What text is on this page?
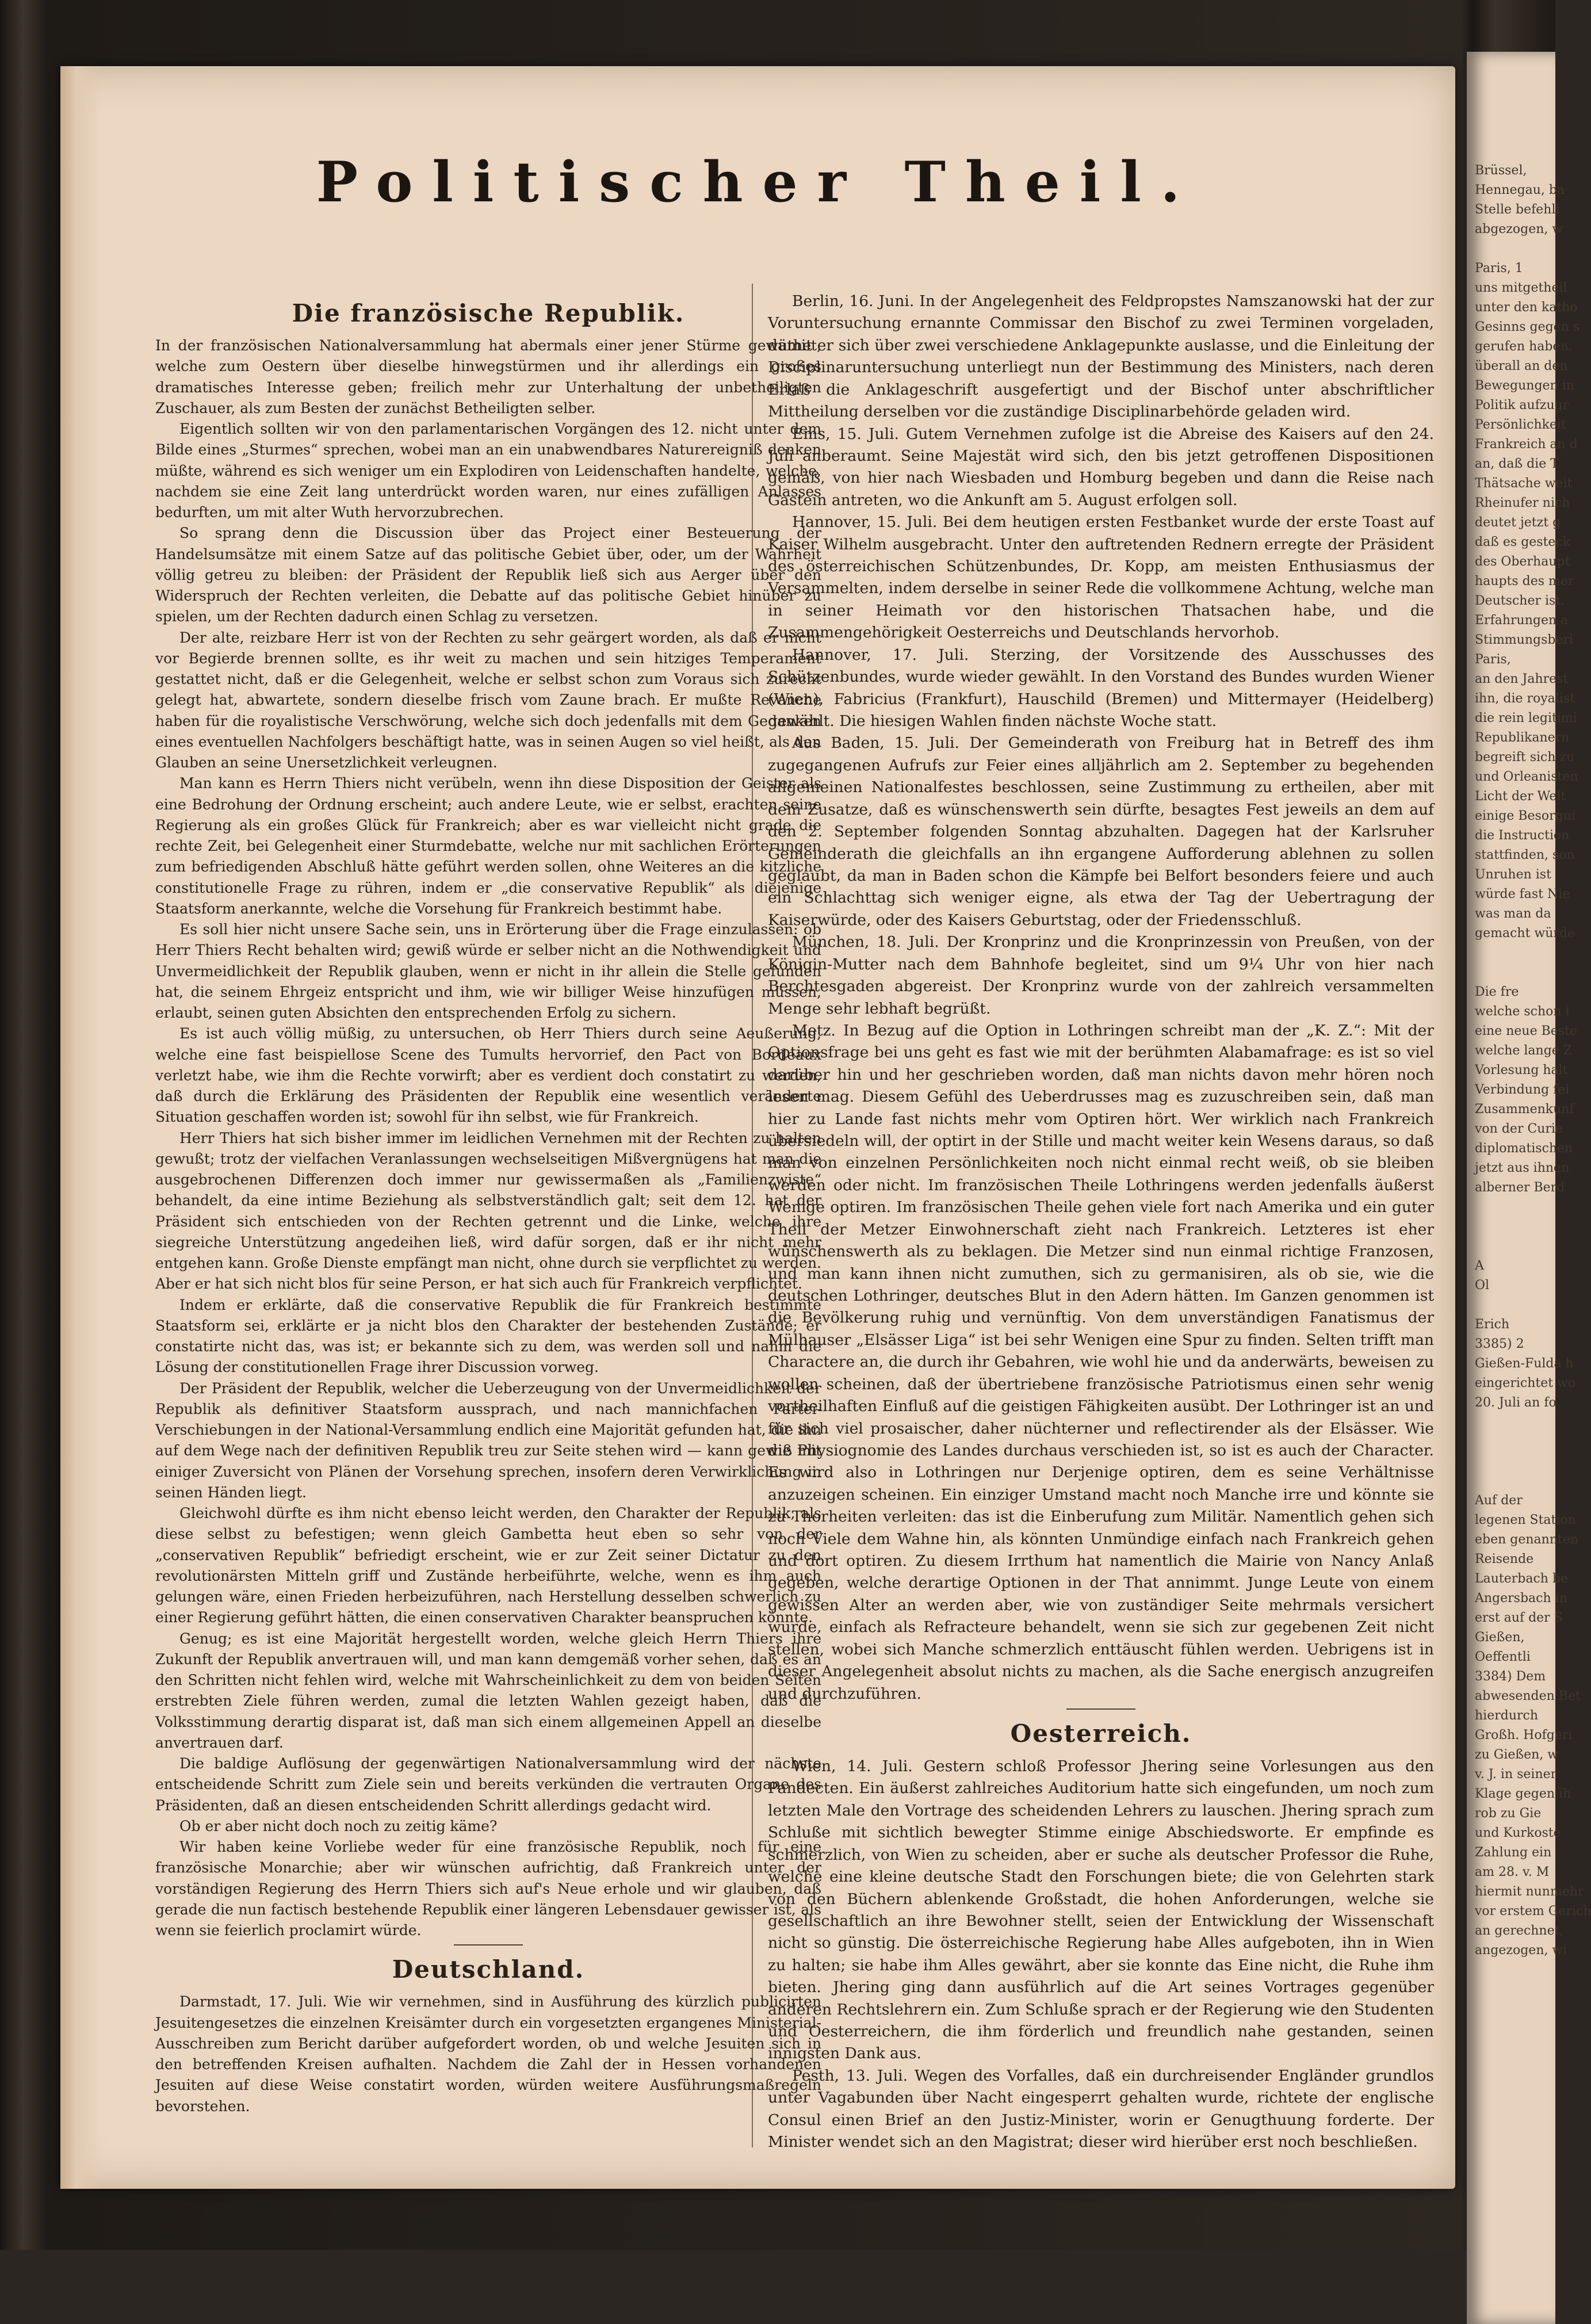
Brüssel,
Hennegau, ba
Stelle befehli
abgezogen, w

Paris, 1
uns mitgetheil
unter den katho
Gesinns gegen s
gerufen haben.
überall an den
Bewegungen in
Politik aufzugr
Persönlichkeit
Frankreich an d
an, daß die T
Thätsache weit
Rheinufer nich
deutet jetzt g
daß es gesteck
des Oberhaupt
haupts des mer
Deutscher ist.
Erfahrungen a
Stimmungsberi
Paris,
an den Jahrest
ihn, die royalist
die rein legitimi
Republikanern
begreift sich zu
und Orleanisten
Licht der Welt
einige Besorgni
die Instruction
stattfinden, son
Unruhen ist
würde fast Nie
was man da
gemacht würde

Die fre
welche schon i
eine neue Beste
welche lange Z
Vorlesung halt
Verbindung fei
Zusammenkunf
von der Curie
diplomatischen
jetzt aus ihnen
alberner Berd

A
Ol

Erich
3385) 2
Gießen-Fulda h
eingerichtet wo
20. Juli an fo

Auf der
legenen Station
eben genannten
Reisende
Lauterbach be
Angersbach in
erst auf der S
Gießen,
Oeffentli
3384) Dem
abwesenden Bet
hierdurch
Großh. Hofgeri
zu Gießen, w
v. J. in seiner
Klage gegen ih
rob zu Gie
und Kurkoste
Zahlung ein
am 28. v. M
hiermit nunmehr
vor erstem Gerich
an gerechnet,
angezogen, wi
Politischer Theil.
Die französische Republik.

In der französischen Nationalversammlung hat abermals einer jener Stürme gewüthet, welche zum Oestern über dieselbe hinwegstürmen und ihr allerdings ein großes dramatisches Interesse geben; freilich mehr zur Unterhaltung der unbetheiligten Zuschauer, als zum Besten der zunächst Betheiligten selber.

Eigentlich sollten wir von den parlamentarischen Vorgängen des 12. nicht unter dem Bilde eines „Sturmes“ sprechen, wobei man an ein unabwendbares Naturereigniß denken müßte, während es sich weniger um ein Explodiren von Leidenschaften handelte, welche, nachdem sie eine Zeit lang unterdrückt worden waren, nur eines zufälligen Anlasses bedurften, um mit alter Wuth hervorzubrechen.

So sprang denn die Discussion über das Project einer Besteuerung der Handelsumsätze mit einem Satze auf das politische Gebiet über, oder, um der Wahrheit völlig getreu zu bleiben: der Präsident der Republik ließ sich aus Aerger über den Widerspruch der Rechten verleiten, die Debatte auf das politische Gebiet hinüber zu spielen, um der Rechten dadurch einen Schlag zu versetzen.

Der alte, reizbare Herr ist von der Rechten zu sehr geärgert worden, als daß er nicht vor Begierde brennen sollte, es ihr weit zu machen und sein hitziges Temperament gestattet nicht, daß er die Gelegenheit, welche er selbst schon zum Voraus sich zurecht gelegt hat, abwartete, sondern dieselbe frisch vom Zaune brach. Er mußte Revanche haben für die royalistische Verschwörung, welche sich doch jedenfalls mit dem Gedanken eines eventuellen Nachfolgers beschäftigt hatte, was in seinen Augen so viel heißt, als den Glauben an seine Unersetzlichkeit verleugnen.

Man kann es Herrn Thiers nicht verübeln, wenn ihn diese Disposition der Geister als eine Bedrohung der Ordnung erscheint; auch andere Leute, wie er selbst, erachten seine Regierung als ein großes Glück für Frankreich; aber es war vielleicht nicht grade die rechte Zeit, bei Gelegenheit einer Sturmdebatte, welche nur mit sachlichen Erörterungen zum befriedigenden Abschluß hätte geführt werden sollen, ohne Weiteres an die kitzliche constitutionelle Frage zu rühren, indem er „die conservative Republik“ als diejenige Staatsform anerkannte, welche die Vorsehung für Frankreich bestimmt habe.

Es soll hier nicht unsere Sache sein, uns in Erörterung über die Frage einzulassen: ob Herr Thiers Recht behalten wird; gewiß würde er selber nicht an die Nothwendigkeit und Unvermeidlichkeit der Republik glauben, wenn er nicht in ihr allein die Stelle gefunden hat, die seinem Ehrgeiz entspricht und ihm, wie wir billiger Weise hinzufügen müssen, erlaubt, seinen guten Absichten den entsprechenden Erfolg zu sichern.

Es ist auch völlig müßig, zu untersuchen, ob Herr Thiers durch seine Aeußerung, welche eine fast beispiellose Scene des Tumults hervorrief, den Pact von Bordeaux verletzt habe, wie ihm die Rechte vorwirft; aber es verdient doch constatirt zu werden, daß durch die Erklärung des Präsidenten der Republik eine wesentlich veränderte Situation geschaffen worden ist; sowohl für ihn selbst, wie für Frankreich.

Herr Thiers hat sich bisher immer im leidlichen Vernehmen mit der Rechten zu halten gewußt; trotz der vielfachen Veranlassungen wechselseitigen Mißvergnügens hat man die ausgebrochenen Differenzen doch immer nur gewissermaßen als „Familienzwiste“ behandelt, da eine intime Beziehung als selbstverständlich galt; seit dem 12. hat der Präsident sich entschieden von der Rechten getrennt und die Linke, welche ihre siegreiche Unterstützung angedeihen ließ, wird dafür sorgen, daß er ihr nicht mehr entgehen kann. Große Dienste empfängt man nicht, ohne durch sie verpflichtet zu werden. Aber er hat sich nicht blos für seine Person, er hat sich auch für Frankreich verpflichtet.

Indem er erklärte, daß die conservative Republik die für Frankreich bestimmte Staatsform sei, erklärte er ja nicht blos den Charakter der bestehenden Zustände; er constatirte nicht das, was ist; er bekannte sich zu dem, was werden soll und nahm die Lösung der constitutionellen Frage ihrer Discussion vorweg.

Der Präsident der Republik, welcher die Ueberzeugung von der Unvermeidlichkeit der Republik als definitiver Staatsform aussprach, und nach mannichfachen Partei-Verschiebungen in der National-Versammlung endlich eine Majorität gefunden hat, die ihn auf dem Wege nach der definitiven Republik treu zur Seite stehen wird — kann gewiß mit einiger Zuversicht von Plänen der Vorsehung sprechen, insofern deren Verwirklichung in seinen Händen liegt.

Gleichwohl dürfte es ihm nicht ebenso leicht werden, den Charakter der Republik, als diese selbst zu befestigen; wenn gleich Gambetta heut eben so sehr von der „conservativen Republik“ befriedigt erscheint, wie er zur Zeit seiner Dictatur zu den revolutionärsten Mitteln griff und Zustände herbeiführte, welche, wenn es ihm auch gelungen wäre, einen Frieden herbeizuführen, nach Herstellung desselben schwerlich zu einer Regierung geführt hätten, die einen conservativen Charakter beanspruchen könnte.

Genug; es ist eine Majorität hergestellt worden, welche gleich Herrn Thiers ihre Zukunft der Republik anvertrauen will, und man kann demgemäß vorher sehen, daß es an den Schritten nicht fehlen wird, welche mit Wahrscheinlichkeit zu dem von beiden Seiten erstrebten Ziele führen werden, zumal die letzten Wahlen gezeigt haben, daß die Volksstimmung derartig disparat ist, daß man sich einem allgemeinen Appell an dieselbe anvertrauen darf.

Die baldige Auflösung der gegenwärtigen Nationalversammlung wird der nächste entscheidende Schritt zum Ziele sein und bereits verkünden die vertrauten Organe des Präsidenten, daß an diesen entscheidenden Schritt allerdings gedacht wird.

Ob er aber nicht doch noch zu zeitig käme?

Wir haben keine Vorliebe weder für eine französische Republik, noch für eine französische Monarchie; aber wir wünschen aufrichtig, daß Frankreich unter der vorständigen Regierung des Herrn Thiers sich auf's Neue erhole und wir glauben, daß gerade die nun factisch bestehende Republik einer längeren Lebensdauer gewisser ist, als wenn sie feierlich proclamirt würde.

Deutschland.

Darmstadt, 17. Juli. Wie wir vernehmen, sind in Ausführung des kürzlich publicirten Jesuitengesetzes die einzelnen Kreisämter durch ein vorgesetzten ergangenes Ministerial-Ausschreiben zum Bericht darüber aufgefordert worden, ob und welche Jesuiten sich in den betreffenden Kreisen aufhalten. Nachdem die Zahl der in Hessen vorhandenen Jesuiten auf diese Weise constatirt worden, würden weitere Ausführungsmaßregeln bevorstehen.

Berlin, 16. Juni. In der Angelegenheit des Feldpropstes Namszanowski hat der zur Voruntersuchung ernannte Commissar den Bischof zu zwei Terminen vorgeladen, damit er sich über zwei verschiedene Anklagepunkte auslasse, und die Einleitung der Disciplinaruntersuchung unterliegt nun der Bestimmung des Ministers, nach deren Erlaß die Anklageschrift ausgefertigt und der Bischof unter abschriftlicher Mittheilung derselben vor die zuständige Disciplinarbehörde geladen wird.

Ems, 15. Juli. Gutem Vernehmen zufolge ist die Abreise des Kaisers auf den 24. Juli anberaumt. Seine Majestät wird sich, den bis jetzt getroffenen Dispositionen gemäß, von hier nach Wiesbaden und Homburg begeben und dann die Reise nach Gastein antreten, wo die Ankunft am 5. August erfolgen soll.

Hannover, 15. Juli. Bei dem heutigen ersten Festbanket wurde der erste Toast auf Kaiser Wilhelm ausgebracht. Unter den auftretenden Rednern erregte der Präsident des österreichischen Schützenbundes, Dr. Kopp, am meisten Enthusiasmus der Versammelten, indem derselbe in seiner Rede die vollkommene Achtung, welche man in seiner Heimath vor den historischen Thatsachen habe, und die Zusammengehörigkeit Oesterreichs und Deutschlands hervorhob.

Hannover, 17. Juli. Sterzing, der Vorsitzende des Ausschusses des Schützenbundes, wurde wieder gewählt. In den Vorstand des Bundes wurden Wiener (Wien), Fabricius (Frankfurt), Hauschild (Bremen) und Mittermayer (Heidelberg) gewählt. Die hiesigen Wahlen finden nächste Woche statt.

Aus Baden, 15. Juli. Der Gemeinderath von Freiburg hat in Betreff des ihm zugegangenen Aufrufs zur Feier eines alljährlich am 2. September zu begehenden allgemeinen Nationalfestes beschlossen, seine Zustimmung zu ertheilen, aber mit dem Zusatze, daß es wünschenswerth sein dürfte, besagtes Fest jeweils an dem auf den 2. September folgenden Sonntag abzuhalten. Dagegen hat der Karlsruher Gemeinderath die gleichfalls an ihn ergangene Aufforderung ablehnen zu sollen geglaubt, da man in Baden schon die Kämpfe bei Belfort besonders feiere und auch ein Schlachttag sich weniger eigne, als etwa der Tag der Uebertragung der Kaiserwürde, oder des Kaisers Geburtstag, oder der Friedensschluß.

München, 18. Juli. Der Kronprinz und die Kronprinzessin von Preußen, von der Königin-Mutter nach dem Bahnhofe begleitet, sind um 9¼ Uhr von hier nach Berchtesgaden abgereist. Der Kronprinz wurde von der zahlreich versammelten Menge sehr lebhaft begrüßt.

Metz. In Bezug auf die Option in Lothringen schreibt man der „K. Z.“: Mit der Optionsfrage bei uns geht es fast wie mit der berühmten Alabamafrage: es ist so viel darüber hin und her geschrieben worden, daß man nichts davon mehr hören noch lesen mag. Diesem Gefühl des Ueberdrusses mag es zuzuschreiben sein, daß man hier zu Lande fast nichts mehr vom Optiren hört. Wer wirklich nach Frankreich übersiedeln will, der optirt in der Stille und macht weiter kein Wesens daraus, so daß man von einzelnen Persönlichkeiten noch nicht einmal recht weiß, ob sie bleiben werden oder nicht. Im französischen Theile Lothringens werden jedenfalls äußerst Wenige optiren. Im französischen Theile gehen viele fort nach Amerika und ein guter Theil der Metzer Einwohnerschaft zieht nach Frankreich. Letzteres ist eher wünschenswerth als zu beklagen. Die Metzer sind nun einmal richtige Franzosen, und man kann ihnen nicht zumuthen, sich zu germanisiren, als ob sie, wie die deutschen Lothringer, deutsches Blut in den Adern hätten. Im Ganzen genommen ist die Bevölkerung ruhig und vernünftig. Von dem unverständigen Fanatismus der Mülhauser „Elsässer Liga“ ist bei sehr Wenigen eine Spur zu finden. Selten trifft man Charactere an, die durch ihr Gebahren, wie wohl hie und da anderwärts, beweisen zu wollen scheinen, daß der übertriebene französische Patriotismus einen sehr wenig vortheilhaften Einfluß auf die geistigen Fähigkeiten ausübt. Der Lothringer ist an und für sich viel prosaischer, daher nüchterner und reflectirender als der Elsässer. Wie die Physiognomie des Landes durchaus verschieden ist, so ist es auch der Character. Es wird also in Lothringen nur Derjenige optiren, dem es seine Verhältnisse anzuzeigen scheinen. Ein einziger Umstand macht noch Manche irre und könnte sie zu Thorheiten verleiten: das ist die Einberufung zum Militär. Namentlich gehen sich noch Viele dem Wahne hin, als könnten Unmündige einfach nach Frankreich gehen und dort optiren. Zu diesem Irrthum hat namentlich die Mairie von Nancy Anlaß gegeben, welche derartige Optionen in der That annimmt. Junge Leute von einem gewissen Alter an werden aber, wie von zuständiger Seite mehrmals versichert wurde, einfach als Refracteure behandelt, wenn sie sich zur gegebenen Zeit nicht stellen, wobei sich Manche schmerzlich enttäuscht fühlen werden. Uebrigens ist in dieser Angelegenheit absolut nichts zu machen, als die Sache energisch anzugreifen und durchzuführen.

Oesterreich.

Wien, 14. Juli. Gestern schloß Professor Jhering seine Vorlesungen aus den Pandecten. Ein äußerst zahlreiches Auditorium hatte sich eingefunden, um noch zum letzten Male den Vortrage des scheidenden Lehrers zu lauschen. Jhering sprach zum Schluße mit sichtlich bewegter Stimme einige Abschiedsworte. Er empfinde es schmerzlich, von Wien zu scheiden, aber er suche als deutscher Professor die Ruhe, welche eine kleine deutsche Stadt den Forschungen biete; die von Gelehrten stark von den Büchern ablenkende Großstadt, die hohen Anforderungen, welche sie gesellschaftlich an ihre Bewohner stellt, seien der Entwicklung der Wissenschaft nicht so günstig. Die österreichische Regierung habe Alles aufgeboten, ihn in Wien zu halten; sie habe ihm Alles gewährt, aber sie konnte das Eine nicht, die Ruhe ihm bieten. Jhering ging dann ausführlich auf die Art seines Vortrages gegenüber anderen Rechtslehrern ein. Zum Schluße sprach er der Regierung wie den Studenten und Oesterreichern, die ihm förderlich und freundlich nahe gestanden, seinen innigsten Dank aus.

Pesth, 13. Juli. Wegen des Vorfalles, daß ein durchreisender Engländer grundlos unter Vagabunden über Nacht eingesperrt gehalten wurde, richtete der englische Consul einen Brief an den Justiz-Minister, worin er Genugthuung forderte. Der Minister wendet sich an den Magistrat; dieser wird hierüber erst noch beschließen.
